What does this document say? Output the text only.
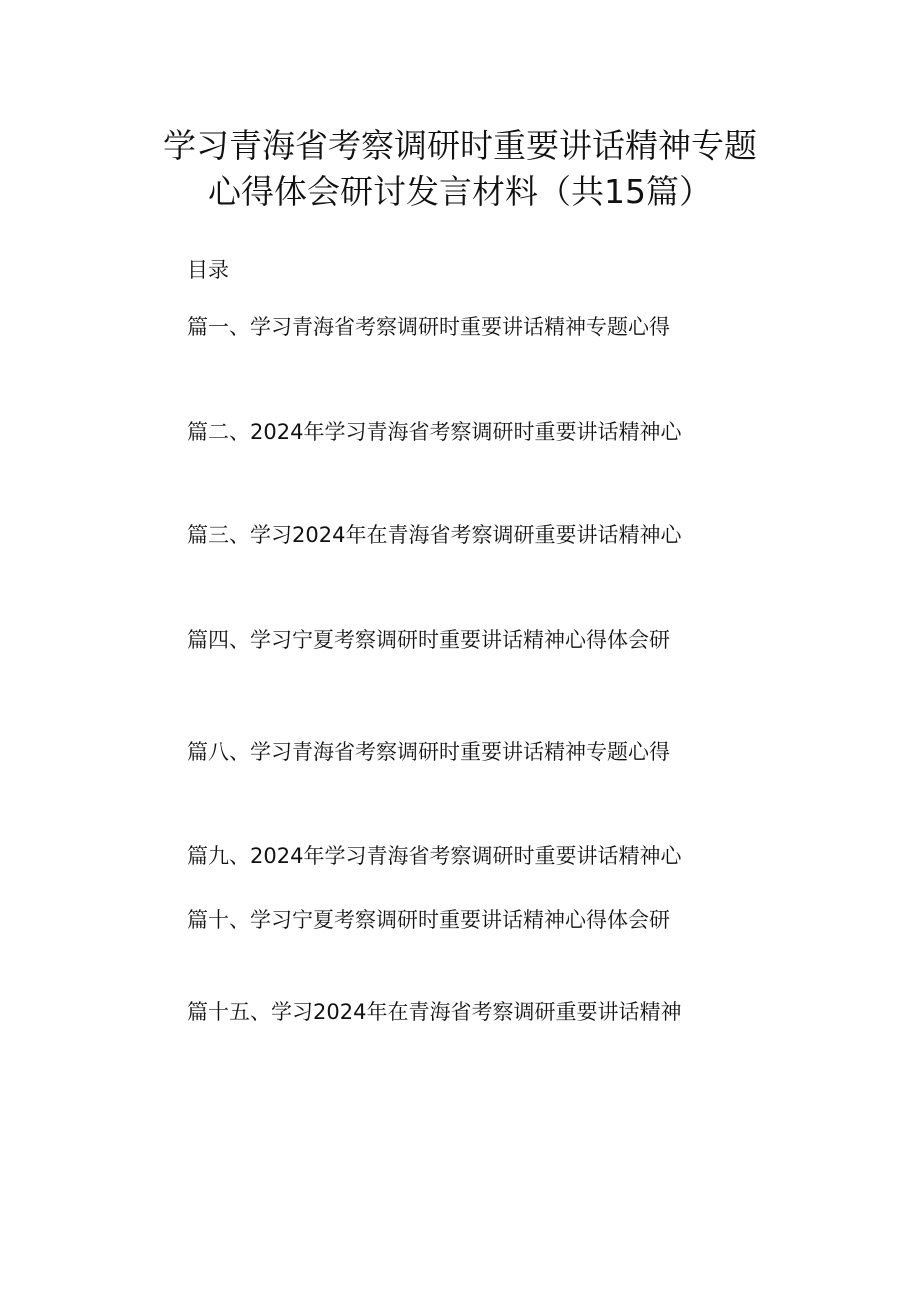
学习青海省考察调研时重要讲话精神专题
心得体会研讨发言材料（共15篇）
目录
篇一、学习青海省考察调研时重要讲话精神专题心得
篇二、2024年学习青海省考察调研时重要讲话精神心
篇三、学习2024年在青海省考察调研重要讲话精神心
篇四、学习宁夏考察调研时重要讲话精神心得体会研
篇八、学习青海省考察调研时重要讲话精神专题心得
篇九、2024年学习青海省考察调研时重要讲话精神心
篇十、学习宁夏考察调研时重要讲话精神心得体会研
篇十五、学习2024年在青海省考察调研重要讲话精神
